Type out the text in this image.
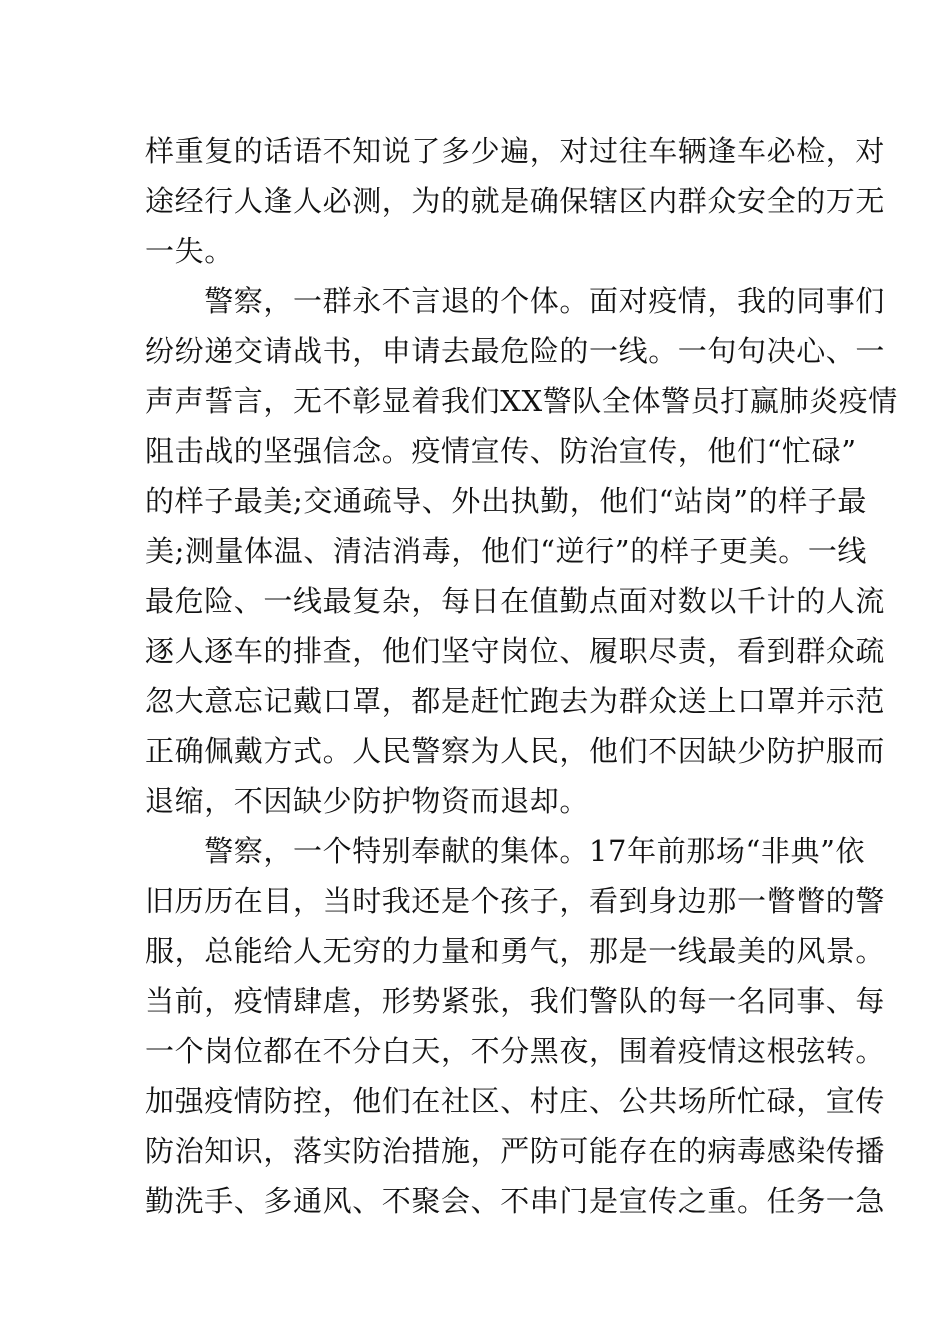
样重复的话语不知说了多少遍，对过往车辆逢车必检，对
途经行人逢人必测，为的就是确保辖区内群众安全的万无
一失。
　　警察，一群永不言退的个体。面对疫情，我的同事们
纷纷递交请战书，申请去最危险的一线。一句句决心、一
声声誓言，无不彰显着我们XX警队全体警员打赢肺炎疫情
阻击战的坚强信念。疫情宣传、防治宣传，他们“忙碌”
的样子最美;交通疏导、外出执勤，他们“站岗”的样子最
美;测量体温、清洁消毒，他们“逆行”的样子更美。一线
最危险、一线最复杂，每日在值勤点面对数以千计的人流
逐人逐车的排查，他们坚守岗位、履职尽责，看到群众疏
忽大意忘记戴口罩，都是赶忙跑去为群众送上口罩并示范
正确佩戴方式。人民警察为人民，他们不因缺少防护服而
退缩，不因缺少防护物资而退却。
　　警察，一个特别奉献的集体。17年前那场“非典”依
旧历历在目，当时我还是个孩子，看到身边那一瞥瞥的警
服，总能给人无穷的力量和勇气，那是一线最美的风景。
当前，疫情肆虐，形势紧张，我们警队的每一名同事、每
一个岗位都在不分白天，不分黑夜，围着疫情这根弦转。
加强疫情防控，他们在社区、村庄、公共场所忙碌，宣传
防治知识，落实防治措施，严防可能存在的病毒感染传播
勤洗手、多通风、不聚会、不串门是宣传之重。任务一急
